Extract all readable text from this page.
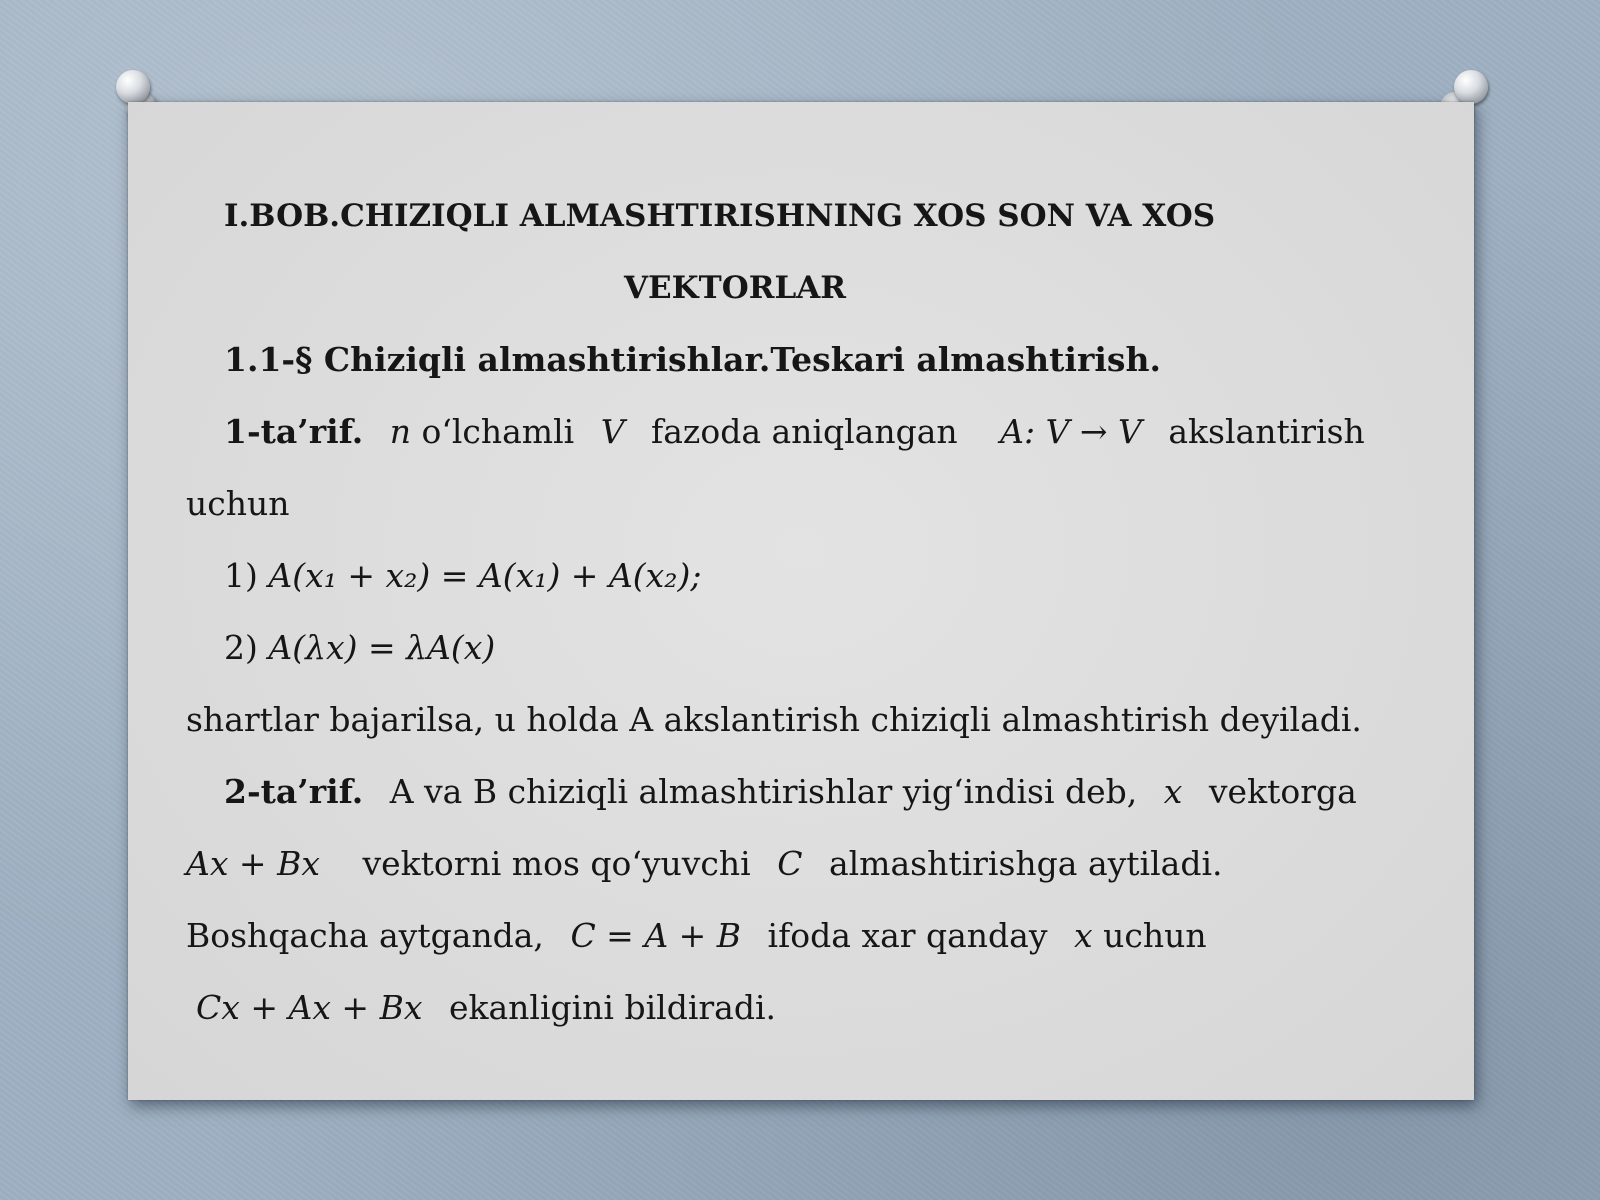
I.BOB.CHIZIQLI ALMASHTIRISHNING XOS SON VA XOS
VEKTORLAR
1.1-§ Chiziqli almashtirishlar.Teskari almashtirish.
1-ta’rif. n o‘lchamli V fazoda aniqlangan A: V → V akslantirish
uchun
1) A(x₁ + x₂) = A(x₁) + A(x₂);
2) A(λx) = λA(x)
shartlar bajarilsa, u holda A akslantirish chiziqli almashtirish deyiladi.
2-ta’rif. A va B chiziqli almashtirishlar yig‘indisi deb, x vektorga
Ax + Bx vektorni mos qo‘yuvchi C almashtirishga aytiladi.
Boshqacha aytganda, C = A + B ifoda xar qanday x uchun
Cx + Ax + Bx ekanligini bildiradi.
